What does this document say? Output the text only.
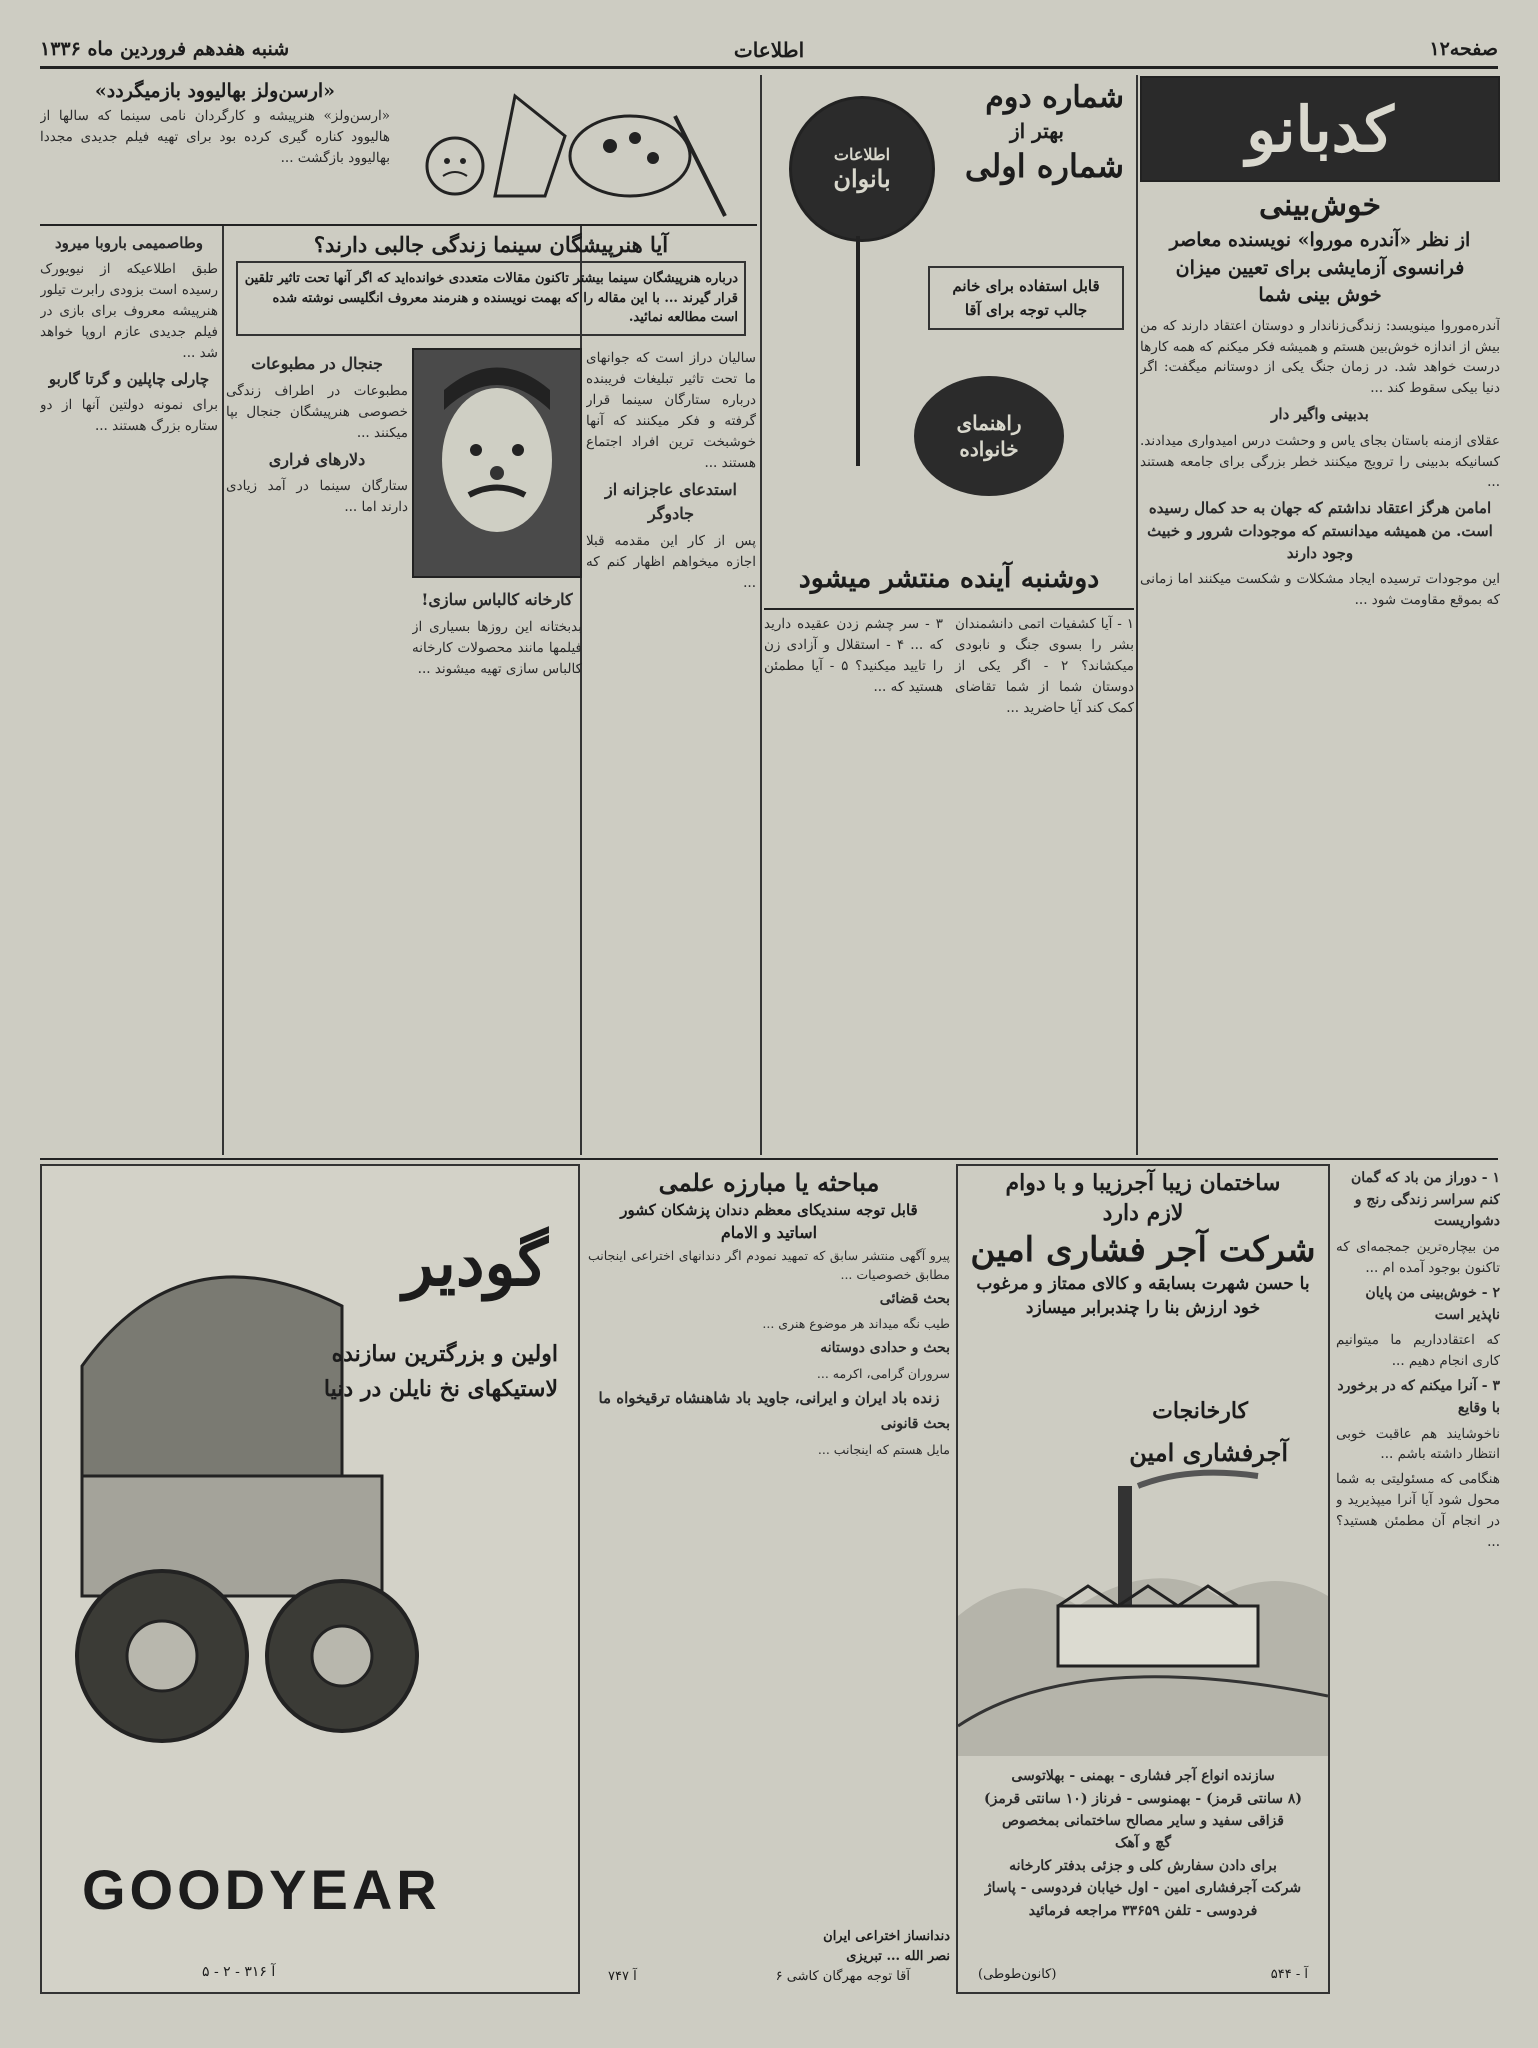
صفحه۱۲
اطلاعات
شنبه هفدهم فروردین ماه ۱۳۳۶
کدبانو
خوش‌بینی
از نظر «آندره موروا» نویسنده معاصر فرانسوی آزمایشی برای تعیین میزان خوش بینی شما

آندره‌موروا مینویسد: زندگی‌زناندار و دوستان اعتقاد دارند که من بیش از اندازه خوش‌بین هستم و همیشه فکر میکنم که همه کارها درست خواهد شد. در زمان جنگ یکی از دوستانم میگفت: اگر دنیا بیکی سقوط کند ...

بدبینی واگیر دار

عقلای ازمنه باستان بجای یاس و وحشت درس امیدواری میدادند. کسانیکه بدبینی را ترویج میکنند خطر بزرگی برای جامعه هستند ...

امامن هرگز اعتقاد نداشتم که جهان به حد کمال رسیده است. من همیشه میدانستم که موجودات شرور و خبیث وجود دارند

این موجودات ترسیده ایجاد مشکلات و شکست میکنند اما زمانی که بموقع مقاومت شود ...

شماره دوم
بهتر از
شماره اولی
اطلاعات
بانوان
قابل استفاده برای خانم
جالب توجه برای آقا
راهنمای خانواده
دوشنبه آینده منتشر میشود

۱ - آیا کشفیات اتمی دانشمندان بشر را بسوی جنگ و نابودی میکشاند؟ ۲ - اگر یکی از دوستان شما از شما تقاضای کمک کند آیا حاضرید ...

۳ - سر چشم زدن عقیده دارید که ... ۴ - استقلال و آزادی زن را تایید میکنید؟ ۵ - آیا مطمئن هستید که ...

«ارسن‌ولز بهالیوود بازمیگردد»
«ارسن‌ولز» هنرپیشه و کارگردان نامی سینما که سالها از هالیوود کناره گیری کرده بود برای تهیه فیلم جدیدی مجددا بهالیوود بازگشت ...
آیا هنرپیشگان سینما زندگی جالبی دارند؟
درباره هنرپیشگان سینما بیشتر تاکنون مقالات متعددی خوانده‌اید که اگر آنها تحت تاثیر تلقین قرار گیرند ... با این مقاله را که بهمت نویسنده و هنرمند معروف انگلیسی نوشته شده است مطالعه نمائید.

سالیان دراز است که جوانهای ما تحت تاثیر تبلیغات فریبنده درباره ستارگان سینما قرار گرفته و فکر میکنند که آنها خوشبخت ترین افراد اجتماع هستند ...

استدعای عاجزانه از جادوگر

پس از کار این مقدمه قبلا اجازه میخواهم اظهار کنم که ...

کارخانه کالباس سازی!

بدبختانه این روزها بسیاری از فیلمها مانند محصولات کارخانه کالباس سازی تهیه میشوند ...

جنجال در مطبوعات

مطبوعات در اطراف زندگی خصوصی هنرپیشگان جنجال بپا میکنند ...

دلارهای فراری

ستارگان سینما در آمد زیادی دارند اما ...

وطاصمیمی باروبا میرود

طبق اطلاعیکه از نیویورک رسیده است بزودی رابرت تیلور هنرپیشه معروف برای بازی در فیلم جدیدی عازم اروپا خواهد شد ...

چارلی چاپلین و گرتا گاربو

برای نمونه دولتین آنها از دو ستاره بزرگ هستند ...

گودیر
اولین و بزرگترین سازنده
لاستیکهای نخ نایلن در دنیا
GOODYEAR
آ ۳۱۶ - ۲ - ۵
مباحثه یا مبارزه علمی
قابل توجه سندیکای معظم دندان پزشکان کشور
اساتید و الامام

پیرو آگهی منتشر سابق که تمهید نمودم اگر دندانهای اختراعی اینجانب مطابق خصوصیات ...

بحث قضائی

طیب نگه میداند هر موضوع هنری ...

بحث و حدادی دوستانه

سروران گرامی، اکرمه ...

زنده باد ایران و ایرانی، جاوید باد شاهنشاه ترقیخواه ما
بحث قانونی

مایل هستم که اینجانب ...

دندانساز اختراعی ایران
نصر الله ... تبریزی
آقا توجه مهرگان کاشی ۶
آ ۷۴۷
ساختمان زیبا آجرزیبا و با دوام
لازم دارد
شرکت آجر فشاری امین
با حسن شهرت بسابقه و کالای ممتاز و مرغوب
خود ارزش بنا را چندبرابر میسازد
کارخانجات
آجرفشاری امین
سازنده انواع آجر فشاری - بهمنی - بهلاتوسی
(۸ سانتی قرمز) - بهمنوسی - فرناز (۱۰ سانتی قرمز)
قزاقی سفید و سایر مصالح ساختمانی بمخصوص
گچ و آهک
برای دادن سفارش کلی و جزئی بدفتر کارخانه
شرکت آجرفشاری امین - اول خیابان فردوسی - پاساژ
فردوسی - تلفن ۳۳۶۵۹ مراجعه فرمائید
(کانون‌طوطی)	آ - ۵۴۴
۱ - دوراز من باد که گمان کنم سراسر زندگی رنج و دشواریست

من بیچاره‌ترین جمجمه‌ای که تاکنون بوجود آمده ام ...

۲ - خوش‌بینی من پایان ناپذیر است

که اعتقادداریم ما میتوانیم کاری انجام دهیم ...

۳ - آنرا میکنم که در برخورد با وقایع

ناخوشایند هم عاقبت خوبی انتظار داشته باشم ...

هنگامی که مسئولیتی به شما محول شود آیا آنرا میپذیرید و در انجام آن مطمئن هستید؟ ...
